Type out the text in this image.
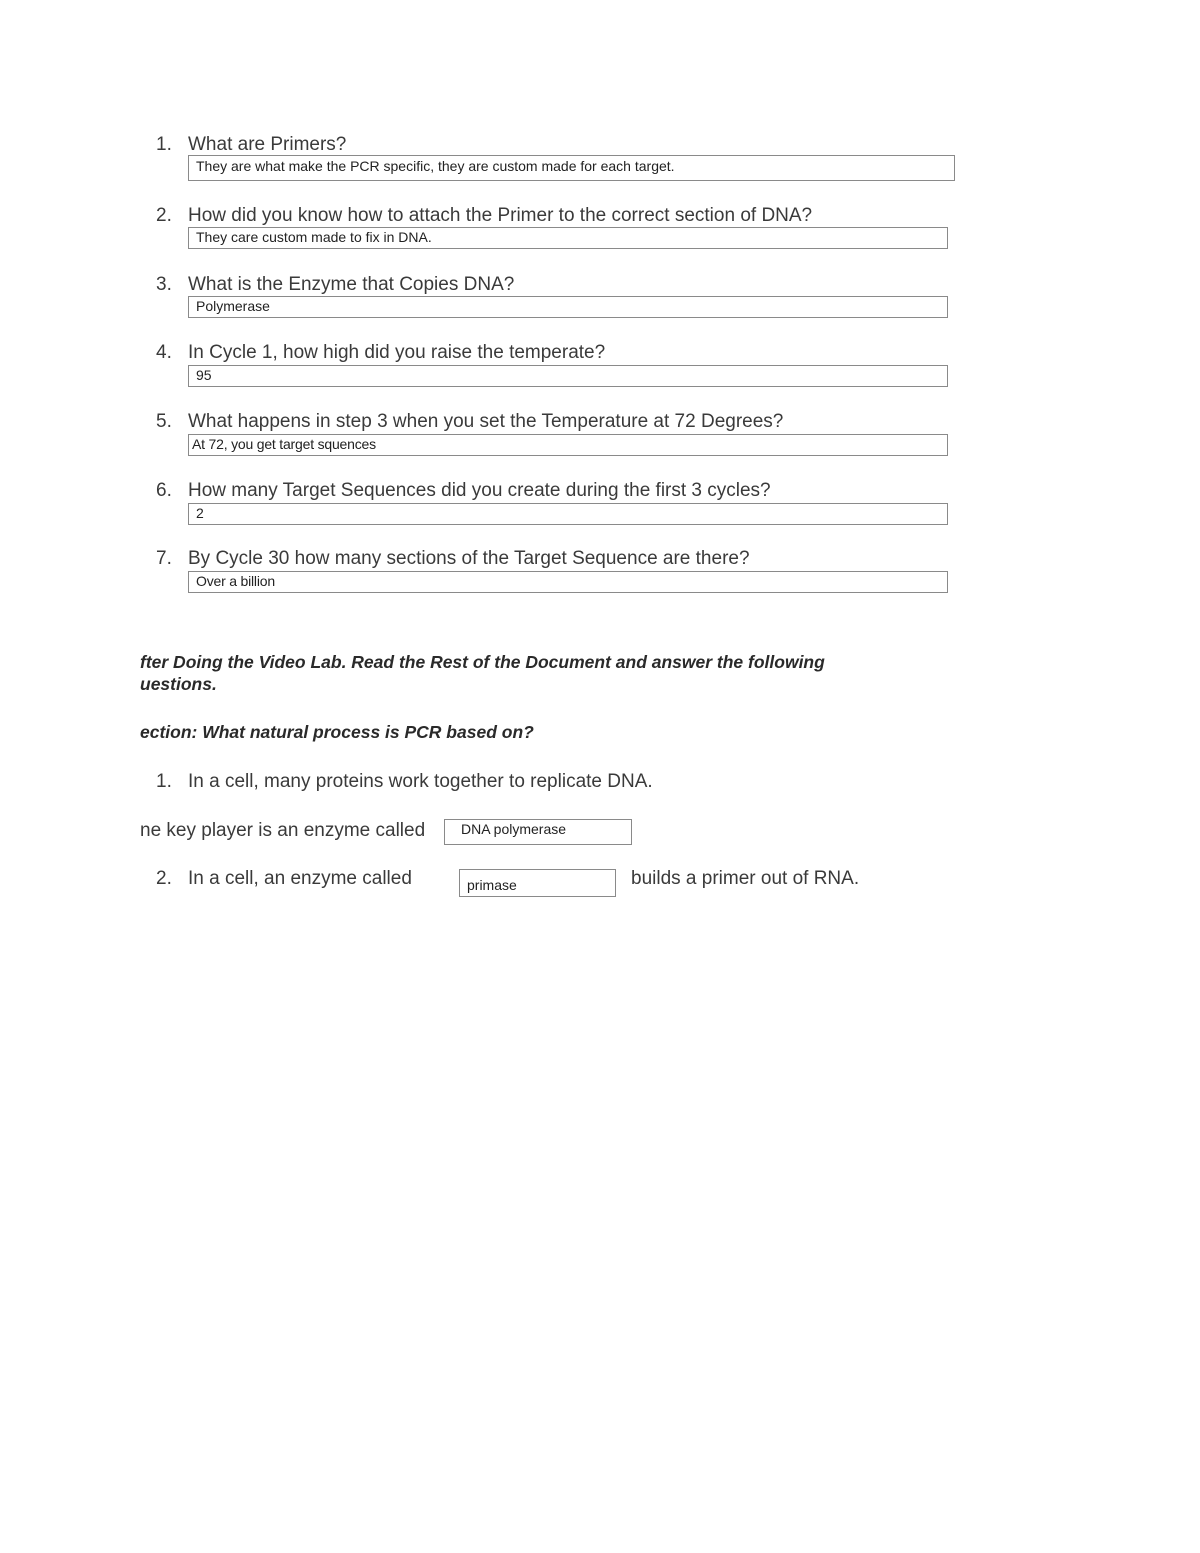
1. What are Primers?
They are what make the PCR specific, they are custom made for each target.
2. How did you know how to attach the Primer to the correct section of DNA?
They care custom made to fix in DNA.
3. What is the Enzyme that Copies DNA?
Polymerase
4. In Cycle 1, how high did you raise the temperate?
95
5. What happens in step 3 when you set the Temperature at 72 Degrees?
At 72, you get target squences
6. How many Target Sequences did you create during the first 3 cycles?
2
7. By Cycle 30 how many sections of the Target Sequence are there?
Over a billion
fter Doing the Video Lab. Read the Rest of the Document and answer the following
uestions.
ection: What natural process is PCR based on?
1. In a cell, many proteins work together to replicate DNA.
ne key player is an enzyme called	DNA polymerase
2. In a cell, an enzyme called	primase	builds a primer out of RNA.
